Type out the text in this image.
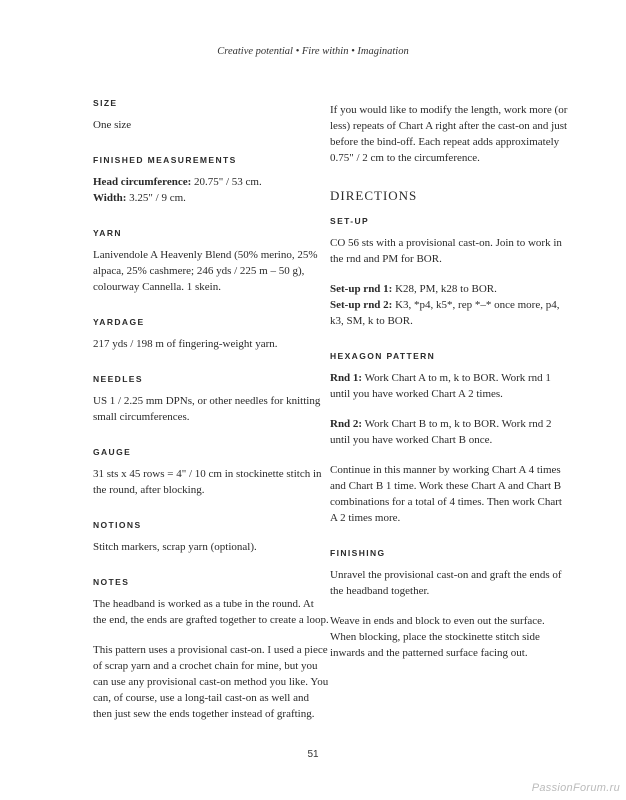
Creative potential • Fire within • Imagination
SIZE

One size

FINISHED MEASUREMENTS

Head circumference: 20.75" / 53 cm.
Width: 3.25" / 9 cm.

YARN

Lanivendole A Heavenly Blend (50% merino, 25% alpaca, 25% cashmere; 246 yds / 225 m – 50 g), colourway Cannella. 1 skein.

YARDAGE

217 yds / 198 m of fingering-weight yarn.

NEEDLES

US 1 / 2.25 mm DPNs, or other needles for knitting small circumferences.

GAUGE

31 sts x 45 rows = 4" / 10 cm in stockinette stitch in the round, after blocking.

NOTIONS

Stitch markers, scrap yarn (optional).

NOTES

The headband is worked as a tube in the round. At the end, the ends are grafted together to create a loop.

This pattern uses a provisional cast-on. I used a piece of scrap yarn and a crochet chain for mine, but you can use any provisional cast-on method you like. You can, of course, use a long-tail cast-on as well and then just sew the ends together instead of grafting.

If you would like to modify the length, work more (or less) repeats of Chart A right after the cast-on and just before the bind-off. Each repeat adds approximately 0.75" / 2 cm to the circumference.

DIRECTIONS
SET-UP

CO 56 sts with a provisional cast-on. Join to work in the rnd and PM for BOR.

Set-up rnd 1: K28, PM, k28 to BOR.
Set-up rnd 2: K3, *p4, k5*, rep *–* once more, p4, k3, SM, k to BOR.

HEXAGON PATTERN

Rnd 1: Work Chart A to m, k to BOR. Work rnd 1 until you have worked Chart A 2 times.

Rnd 2: Work Chart B to m, k to BOR. Work rnd 2 until you have worked Chart B once.

Continue in this manner by working Chart A 4 times and Chart B 1 time. Work these Chart A and Chart B combinations for a total of 4 times. Then work Chart A 2 times more.

FINISHING

Unravel the provisional cast-on and graft the ends of the headband together.

Weave in ends and block to even out the surface. When blocking, place the stockinette stitch side inwards and the patterned surface facing out.

51
PassionForum.ru
